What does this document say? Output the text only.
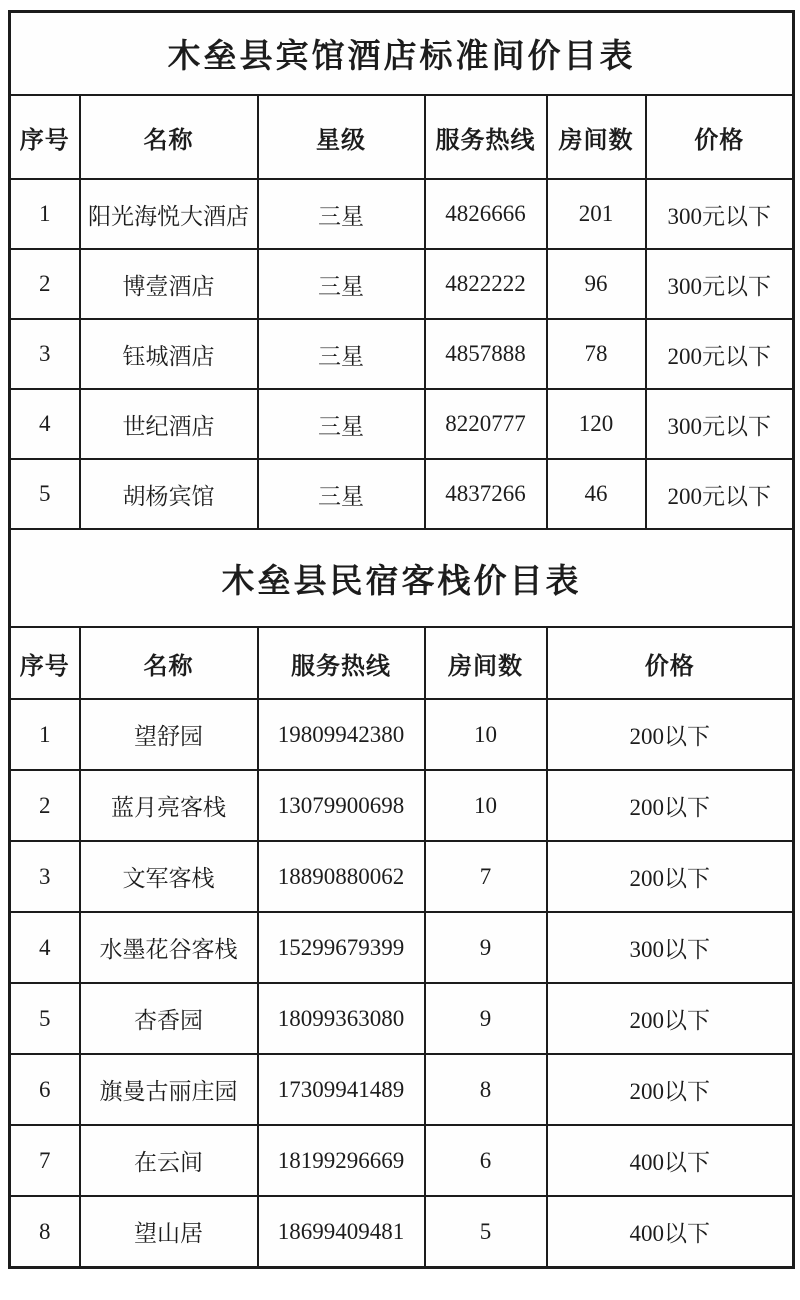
木垒县宾馆酒店标准间价目表					
序号	名称	星级	服务热线	房间数	价格
1	阳光海悦大酒店	三星	4826666	201	300元以下
2	博壹酒店	三星	4822222	96	300元以下
3	钰城酒店	三星	4857888	78	200元以下
4	世纪酒店	三星	8220777	120	300元以下
5	胡杨宾馆	三星	4837266	46	200元以下
木垒县民宿客栈价目表					
序号	名称	服务热线	房间数	价格	
1	望舒园	19809942380	10	200以下	
2	蓝月亮客栈	13079900698	10	200以下	
3	文军客栈	18890880062	7	200以下	
4	水墨花谷客栈	15299679399	9	300以下	
5	杏香园	18099363080	9	200以下	
6	旗曼古丽庄园	17309941489	8	200以下	
7	在云间	18199296669	6	400以下	
8	望山居	18699409481	5	400以下	
